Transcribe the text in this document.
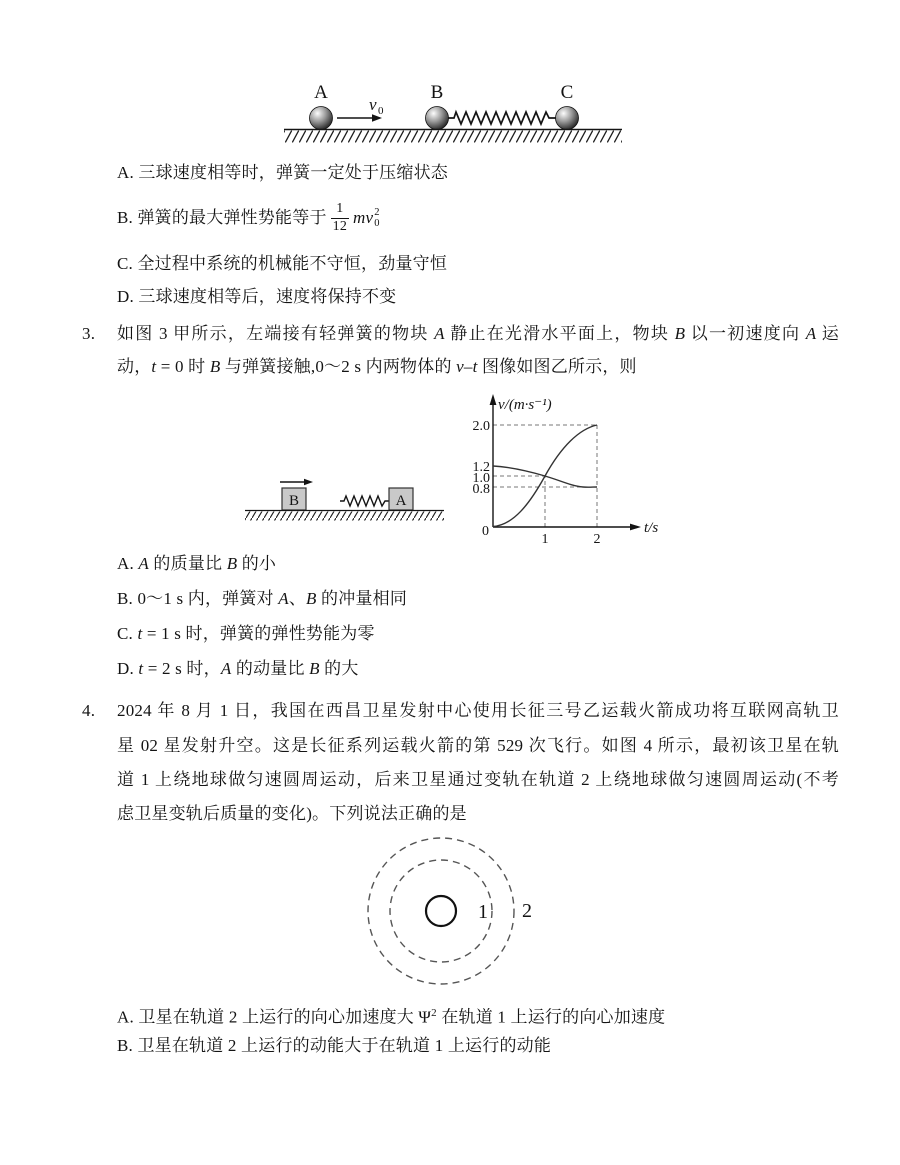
A	B	C
v 0
A. 三球速度相等时，弹簧一定处于压缩状态
B. 弹簧的最大弹性势能等于 $\frac{1}{12}$ mv 2
0
C. 全过程中系统的机械能不守恒，劲量守恒
D. 三球速度相等后，速度将保持不变
3. 如图 3 甲所示，左端接有轻弹簧的物块 A 静止在光滑水平面上，物块 B 以一初速度向 A 运
动，t = 0 时 B 与弹簧接触,0～2 s 内两物体的 v–t 图像如图乙所示，则
B	A
v/(m·s⁻¹)
t/s
2.0
1.2
1.0
0.8
0
1	2
A. A 的质量比 B 的小
B. 0～1 s 内，弹簧对 A、B 的冲量相同
C. t = 1 s 时，弹簧的弹性势能为零
D. t = 2 s 时，A 的动量比 B 的大
4. 2024 年 8 月 1 日，我国在西昌卫星发射中心使用长征三号乙运载火箭成功将互联网高轨卫
星 02 星发射升空。这是长征系列运载火箭的第 529 次飞行。如图 4 所示，最初该卫星在轨
道 1 上绕地球做匀速圆周运动，后来卫星通过变轨在轨道 2 上绕地球做匀速圆周运动(不考
虑卫星变轨后质量的变化)。下列说法正确的是
1 2
A. 卫星在轨道 2 上运行的向心加速度大 $\Psi^2$ 在轨道 1 上运行的向心加速度
B. 卫星在轨道 2 上运行的动能大于在轨道 1 上运行的动能
